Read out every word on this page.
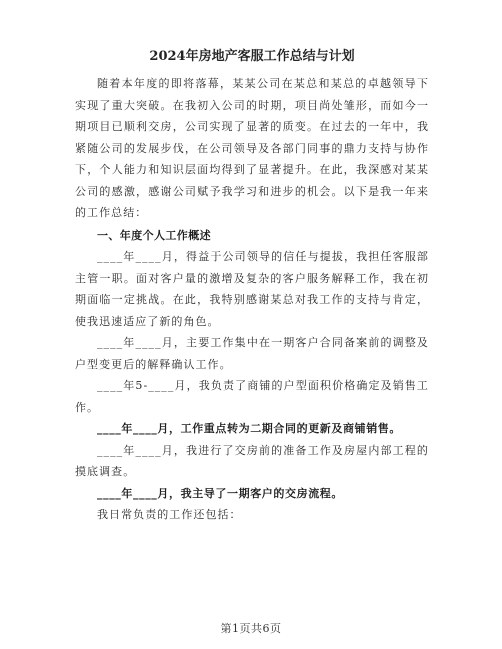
2024年房地产客服工作总结与计划

随着本年度的即将落幕，某某公司在某总和某总的卓越领导下实现了重大突破。在我初入公司的时期，项目尚处雏形，而如今一期项目已顺利交房，公司实现了显著的质变。在过去的一年中，我紧随公司的发展步伐，在公司领导及各部门同事的鼎力支持与协作下，个人能力和知识层面均得到了显著提升。在此，我深感对某某公司的感激，感谢公司赋予我学习和进步的机会。以下是我一年来的工作总结：

一、年度个人工作概述

____年____月，得益于公司领导的信任与提拔，我担任客服部主管一职。面对客户量的激增及复杂的客户服务解释工作，我在初期面临一定挑战。在此，我特别感谢某总对我工作的支持与肯定，使我迅速适应了新的角色。

____年____月，主要工作集中在一期客户合同备案前的调整及户型变更后的解释确认工作。

____年5-____月，我负责了商铺的户型面积价格确定及销售工作。

____年____月，工作重点转为二期合同的更新及商铺销售。

____年____月，我进行了交房前的准备工作及房屋内部工程的摸底调查。

____年____月，我主导了一期客户的交房流程。

我日常负责的工作还包括：

第1页共6页
